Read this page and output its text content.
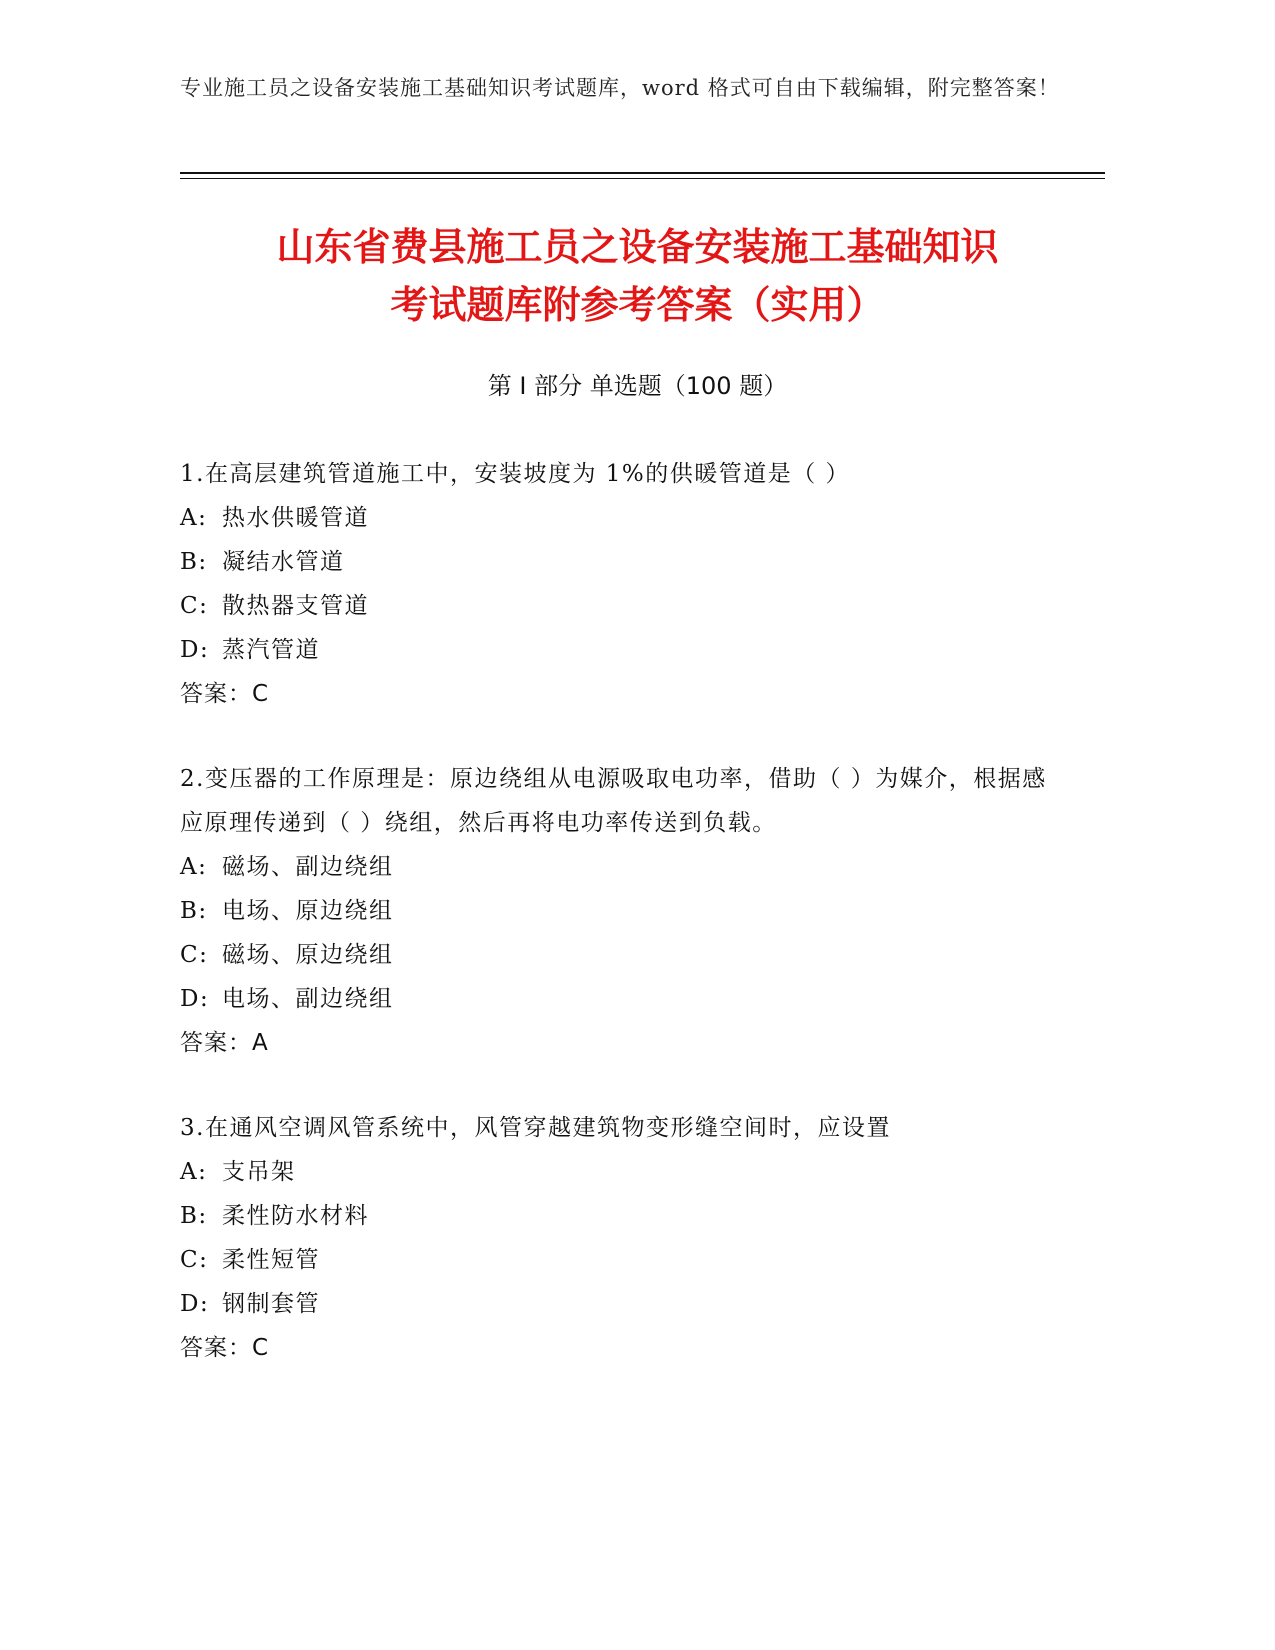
专业施工员之设备安装施工基础知识考试题库，word 格式可自由下载编辑，附完整答案！
山东省费县施工员之设备安装施工基础知识
考试题库附参考答案（实用）
第 I 部分 单选题（100 题）

1.在高层建筑管道施工中，安装坡度为 1%的供暖管道是（ ）

A: 热水供暖管道

B: 凝结水管道

C: 散热器支管道

D: 蒸汽管道

答案：C

2.变压器的工作原理是：原边绕组从电源吸取电功率，借助（ ）为媒介，根据感应原理传递到（ ）绕组，然后再将电功率传送到负载。

A: 磁场、副边绕组

B: 电场、原边绕组

C: 磁场、原边绕组

D: 电场、副边绕组

答案：A

3.在通风空调风管系统中，风管穿越建筑物变形缝空间时，应设置

A: 支吊架

B: 柔性防水材料

C: 柔性短管

D: 钢制套管

答案：C
